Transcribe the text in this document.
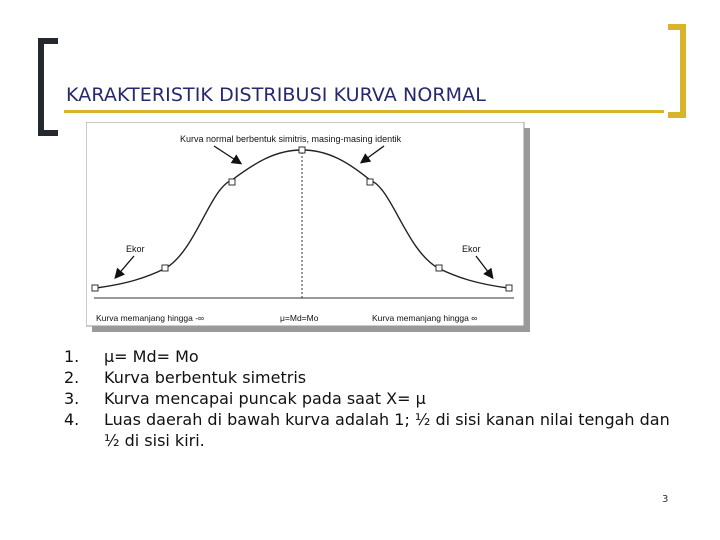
KARAKTERISTIK DISTRIBUSI KURVA NORMAL
Kurva normal berbentuk simitris, masing-masing identik
Ekor	Ekor
Kurva memanjang hingga -∞	μ=Md=Mo	Kurva memanjang hingga ∞
1.	μ= Md= Mo
2.	Kurva berbentuk simetris
3.	Kurva mencapai puncak pada saat X= μ
4.	Luas daerah di bawah kurva adalah 1; ½ di sisi kanan nilai tengah dan ½ di sisi kiri.
3
